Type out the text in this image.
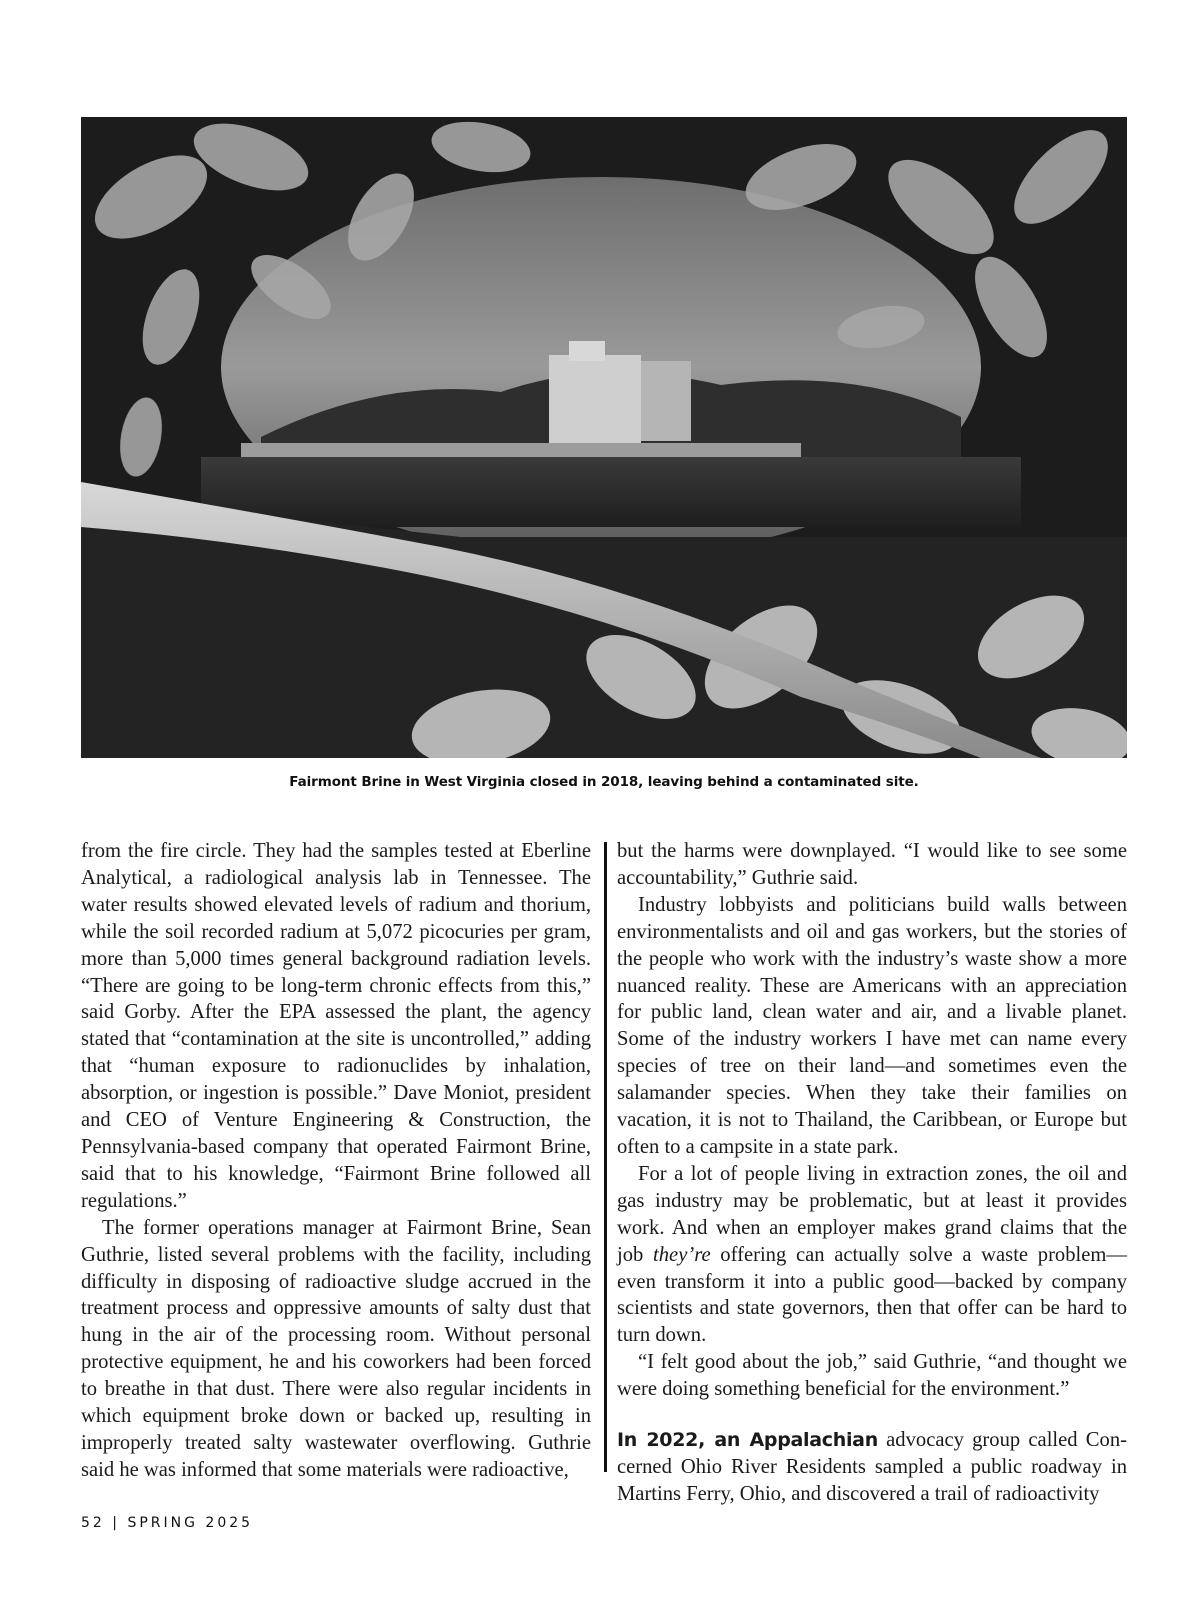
Fairmont Brine in West Virginia closed in 2018, leaving behind a contaminated site.

from the fire circle. They had the samples tested at Eberline Analytical, a radiological analysis lab in Tennessee. The water results showed elevated levels of radium and thorium, while the soil recorded radium at 5,072 picocuries per gram, more than 5,000 times general background radiation levels. “There are going to be long-term chronic effects from this,” said Gorby. After the EPA assessed the plant, the agency stated that “contamination at the site is uncontrolled,” adding that “human exposure to radionuclides by inhalation, absorption, or ingestion is possible.” Dave Moniot, president and CEO of Venture Engineering & Construction, the Pennsylvania-based company that operated Fairmont Brine, said that to his knowledge, “Fairmont Brine followed all regulations.”

The former operations manager at Fairmont Brine, Sean Guthrie, listed several problems with the facility, including difficulty in disposing of radioactive sludge accrued in the treatment process and oppressive amounts of salty dust that hung in the air of the processing room. Without personal protective equipment, he and his coworkers had been forced to breathe in that dust. There were also regular incidents in which equipment broke down or backed up, resulting in improperly treated salty wastewater overflowing. Guthrie said he was informed that some materials were radioactive,

but the harms were downplayed. “I would like to see some accountability,” Guthrie said.

Industry lobbyists and politicians build walls between environmentalists and oil and gas workers, but the stories of the people who work with the industry’s waste show a more nuanced reality. These are Americans with an appreciation for public land, clean water and air, and a livable planet. Some of the industry workers I have met can name every species of tree on their land—and sometimes even the salamander species. When they take their families on vacation, it is not to Thailand, the Caribbean, or Europe but often to a campsite in a state park.

For a lot of people living in extraction zones, the oil and gas industry may be problematic, but at least it provides work. And when an employer makes grand claims that the job they’re offering can actually solve a waste problem—even transform it into a public good—backed by company scientists and state governors, then that offer can be hard to turn down.

“I felt good about the job,” said Guthrie, “and thought we were doing something beneficial for the environment.”

In 2022, an Appalachian advocacy group called Concerned Ohio River Residents sampled a public roadway in Martins Ferry, Ohio, and discovered a trail of radioactivity

52 | SPRING 2025
